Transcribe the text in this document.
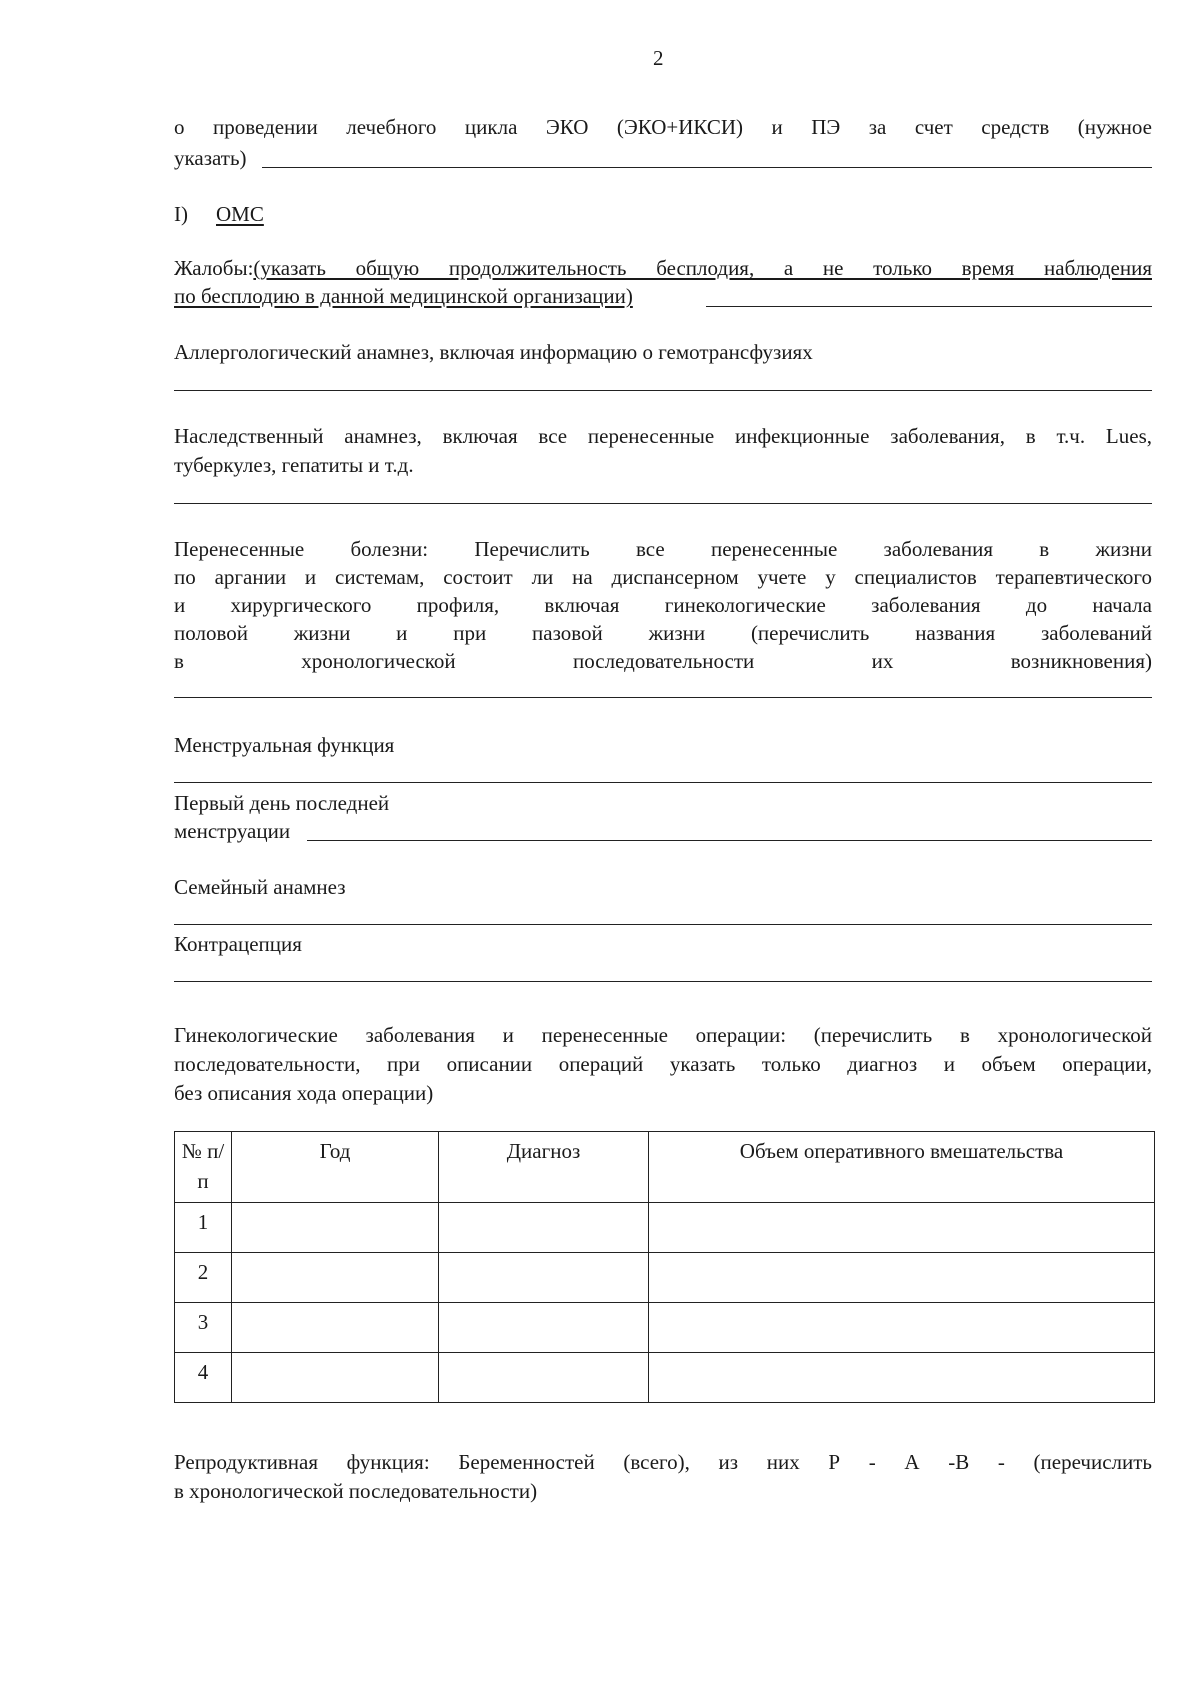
2
о проведении лечебного цикла ЭКО (ЭКО+ИКСИ) и ПЭ за счет средств (нужное
указать)
I) ОМС
Жалобы:(указать общую продолжительность бесплодия, а не только время наблюдения
по бесплодию в данной медицинской организации)
Аллергологический анамнез, включая информацию о гемотрансфузиях
Наследственный анамнез, включая все перенесенные инфекционные заболевания, в т.ч. Lues,
туберкулез, гепатиты и т.д.
Перенесенные болезни: Перечислить все перенесенные заболевания в жизни
по аргании и системам, состоит ли на диспансерном учете у специалистов терапевтического
и хирургического профиля, включая гинекологические заболевания до начала
половой жизни и при пазовой жизни (перечислить названия заболеваний
в хронологической последовательности их возникновения)
Менструальная функция
Первый день последней
менструации
Семейный анамнез
Контрацепция
Гинекологические заболевания и перенесенные операции: (перечислить в хронологической
последовательности, при описании операций указать только диагноз и объем операции,
без описания хода операции)
№ п/п	Год	Диагноз	Объем оперативного вмешательства
1			
2			
3			
4			
Репродуктивная функция: Беременностей (всего), из них Р - А -В - (перечислить
в хронологической последовательности)
